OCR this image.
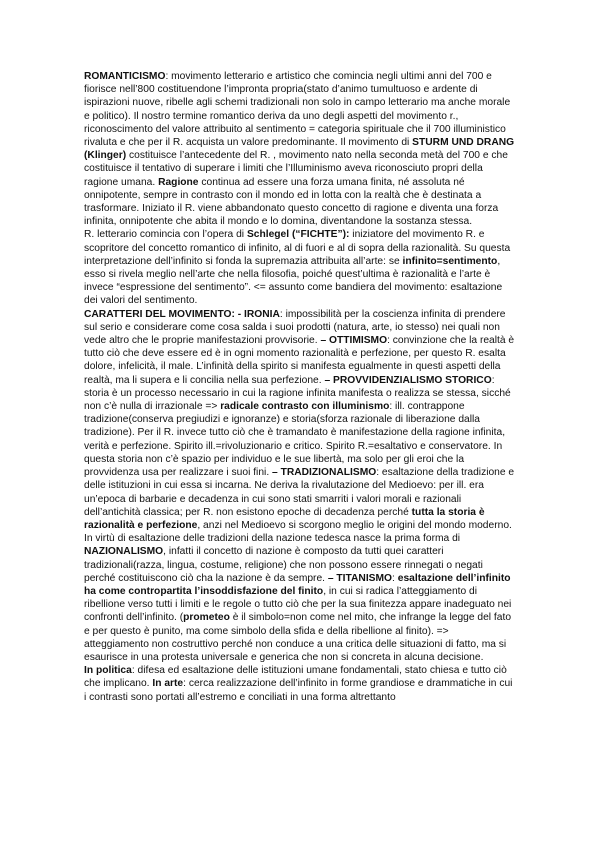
ROMANTICISMO: movimento letterario e artistico che comincia negli ultimi anni del 700 e fiorisce nell’800 costituendone l’impronta propria(stato d’animo tumultuoso e ardente di ispirazioni nuove, ribelle agli schemi tradizionali non solo in campo letterario ma anche morale e politico). Il nostro termine romantico deriva da uno degli aspetti del movimento r., riconoscimento del valore attribuito al sentimento = categoria spirituale che il 700 illuministico rivaluta e che per il R. acquista un valore predominante. Il movimento di STURM UND DRANG (Klinger) costituisce l’antecedente del R. , movimento nato nella seconda metà del 700 e che costituisce il tentativo di superare i limiti che l’Illuminismo aveva riconosciuto propri della ragione umana. Ragione continua ad essere una forza umana finita, né assoluta né onnipotente, sempre in contrasto con il mondo ed in lotta con la realtà che è destinata a trasformare. Iniziato il R. viene abbandonato questo concetto di ragione e diventa una forza infinita, onnipotente che abita il mondo e lo domina, diventandone la sostanza stessa.

R. letterario comincia con l’opera di Schlegel (“FICHTE”): iniziatore del movimento R. e scopritore del concetto romantico di infinito, al di fuori e al di sopra della razionalità. Su questa interpretazione dell’infinito si fonda la supremazia attribuita all’arte: se infinito=sentimento, esso si rivela meglio nell’arte che nella filosofia, poiché quest’ultima è razionalità e l’arte è invece “espressione del sentimento”. <= assunto come bandiera del movimento: esaltazione dei valori del sentimento.

CARATTERI DEL MOVIMENTO: - IRONIA: impossibilità per la coscienza infinita di prendere sul serio e considerare come cosa salda i suoi prodotti (natura, arte, io stesso) nei quali non vede altro che le proprie manifestazioni provvisorie. – OTTIMISMO: convinzione che la realtà è tutto ciò che deve essere ed è in ogni momento razionalità e perfezione, per questo R. esalta dolore, infelicità, il male. L’infinità della spirito si manifesta egualmente in questi aspetti della realtà, ma li supera e li concilia nella sua perfezione. – PROVVIDENZIALISMO STORICO: storia è un processo necessario in cui la ragione infinita manifesta o realizza se stessa, sicché non c’è nulla di irrazionale => radicale contrasto con illuminismo: ill. contrappone tradizione(conserva pregiudizi e ignoranze) e storia(sforza razionale di liberazione dalla tradizione). Per il R. invece tutto ciò che è tramandato è manifestazione della ragione infinita, verità e perfezione. Spirito ill.=rivoluzionario e critico. Spirito R.=esaltativo e conservatore. In questa storia non c’è spazio per individuo e le sue libertà, ma solo per gli eroi che la provvidenza usa per realizzare i suoi fini. – TRADIZIONALISMO: esaltazione della tradizione e delle istituzioni in cui essa si incarna. Ne deriva la rivalutazione del Medioevo: per ill. era un’epoca di barbarie e decadenza in cui sono stati smarriti i valori morali e razionali dell’antichità classica; per R. non esistono epoche di decadenza perché tutta la storia è razionalità e perfezione, anzi nel Medioevo si scorgono meglio le origini del mondo moderno. In virtù di esaltazione delle tradizioni della nazione tedesca nasce la prima forma di NAZIONALISMO, infatti il concetto di nazione è composto da tutti quei caratteri tradizionali(razza, lingua, costume, religione) che non possono essere rinnegati o negati perché costituiscono ciò cha la nazione è da sempre. – TITANISMO: esaltazione dell’infinito ha come contropartita l’insoddisfazione del finito, in cui si radica l’atteggiamento di ribellione verso tutti i limiti e le regole o tutto ciò che per la sua finitezza appare inadeguato nei confronti dell’infinito. (prometeo è il simbolo=non come nel mito, che infrange la legge del fato e per questo è punito, ma come simbolo della sfida e della ribellione al finito). => atteggiamento non costruttivo perché non conduce a una critica delle situazioni di fatto, ma si esaurisce in una protesta universale e generica che non si concreta in alcuna decisione.

In politica: difesa ed esaltazione delle istituzioni umane fondamentali, stato chiesa e tutto ciò che implicano. In arte: cerca realizzazione dell’infinito in forme grandiose e drammatiche in cui i contrasti sono portati all’estremo e conciliati in una forma altrettanto
